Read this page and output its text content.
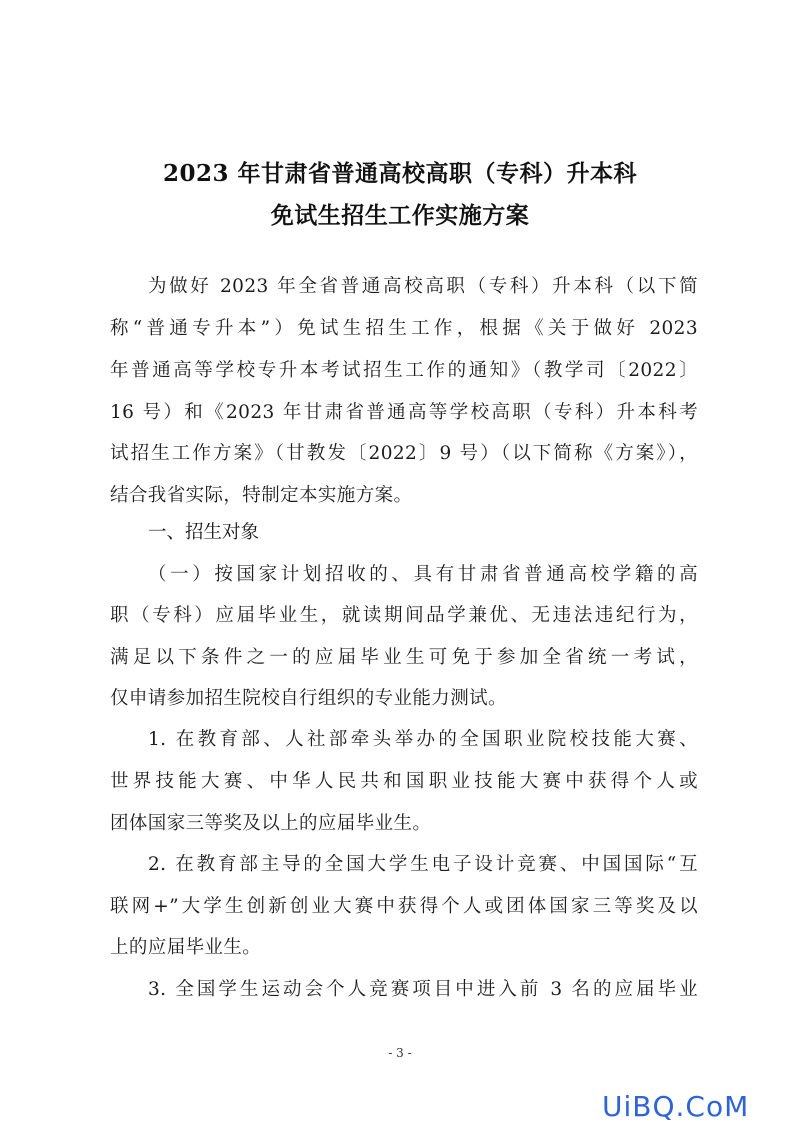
2023 年甘肃省普通高校高职（专科）升本科
免试生招生工作实施方案
为做好 2023 年全省普通高校高职（专科）升本科（以下简
称“普通专升本”）免试生招生工作，根据《关于做好 2023
年普通高等学校专升本考试招生工作的通知》（教学司〔2022〕
16 号）和《2023 年甘肃省普通高等学校高职（专科）升本科考
试招生工作方案》（甘教发〔2022〕9 号）（以下简称《方案》），
结合我省实际，特制定本实施方案。
一、招生对象
（一）按国家计划招收的、具有甘肃省普通高校学籍的高
职（专科）应届毕业生，就读期间品学兼优、无违法违纪行为，
满足以下条件之一的应届毕业生可免于参加全省统一考试，
仅申请参加招生院校自行组织的专业能力测试。
1. 在教育部、人社部牵头举办的全国职业院校技能大赛、
世界技能大赛、中华人民共和国职业技能大赛中获得个人或
团体国家三等奖及以上的应届毕业生。
2. 在教育部主导的全国大学生电子设计竞赛、中国国际“互
联网+”大学生创新创业大赛中获得个人或团体国家三等奖及以
上的应届毕业生。
3. 全国学生运动会个人竞赛项目中进入前 3 名的应届毕业
- 3 -
UiBQ.CoM
